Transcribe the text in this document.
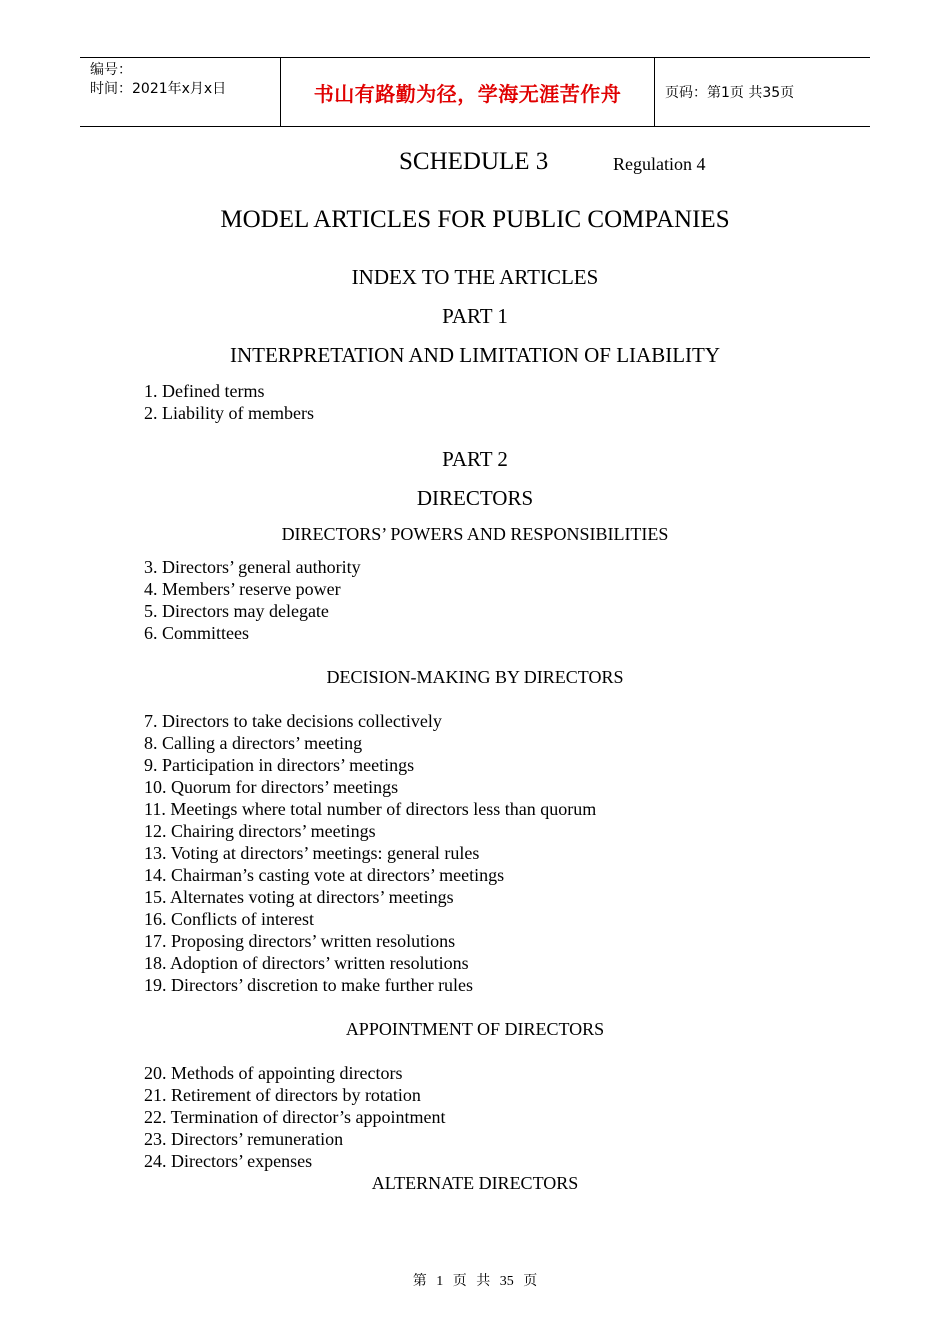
编号：
时间：2021年x月x日	书山有路勤为径，学海无涯苦作舟	页码：第1页 共35页
SCHEDULE 3	Regulation 4
MODEL ARTICLES FOR PUBLIC COMPANIES
INDEX TO THE ARTICLES
PART 1
INTERPRETATION AND LIMITATION OF LIABILITY
1. Defined terms
2. Liability of members
PART 2
DIRECTORS
DIRECTORS’ POWERS AND RESPONSIBILITIES
3. Directors’ general authority
4. Members’ reserve power
5. Directors may delegate
6. Committees
DECISION-MAKING BY DIRECTORS
7. Directors to take decisions collectively
8. Calling a directors’ meeting
9. Participation in directors’ meetings
10. Quorum for directors’ meetings
11. Meetings where total number of directors less than quorum
12. Chairing directors’ meetings
13. Voting at directors’ meetings: general rules
14. Chairman’s casting vote at directors’ meetings
15. Alternates voting at directors’ meetings
16. Conflicts of interest
17. Proposing directors’ written resolutions
18. Adoption of directors’ written resolutions
19. Directors’ discretion to make further rules
APPOINTMENT OF DIRECTORS
20. Methods of appointing directors
21. Retirement of directors by rotation
22. Termination of director’s appointment
23. Directors’ remuneration
24. Directors’ expenses
ALTERNATE DIRECTORS
第 1 页 共 35 页
